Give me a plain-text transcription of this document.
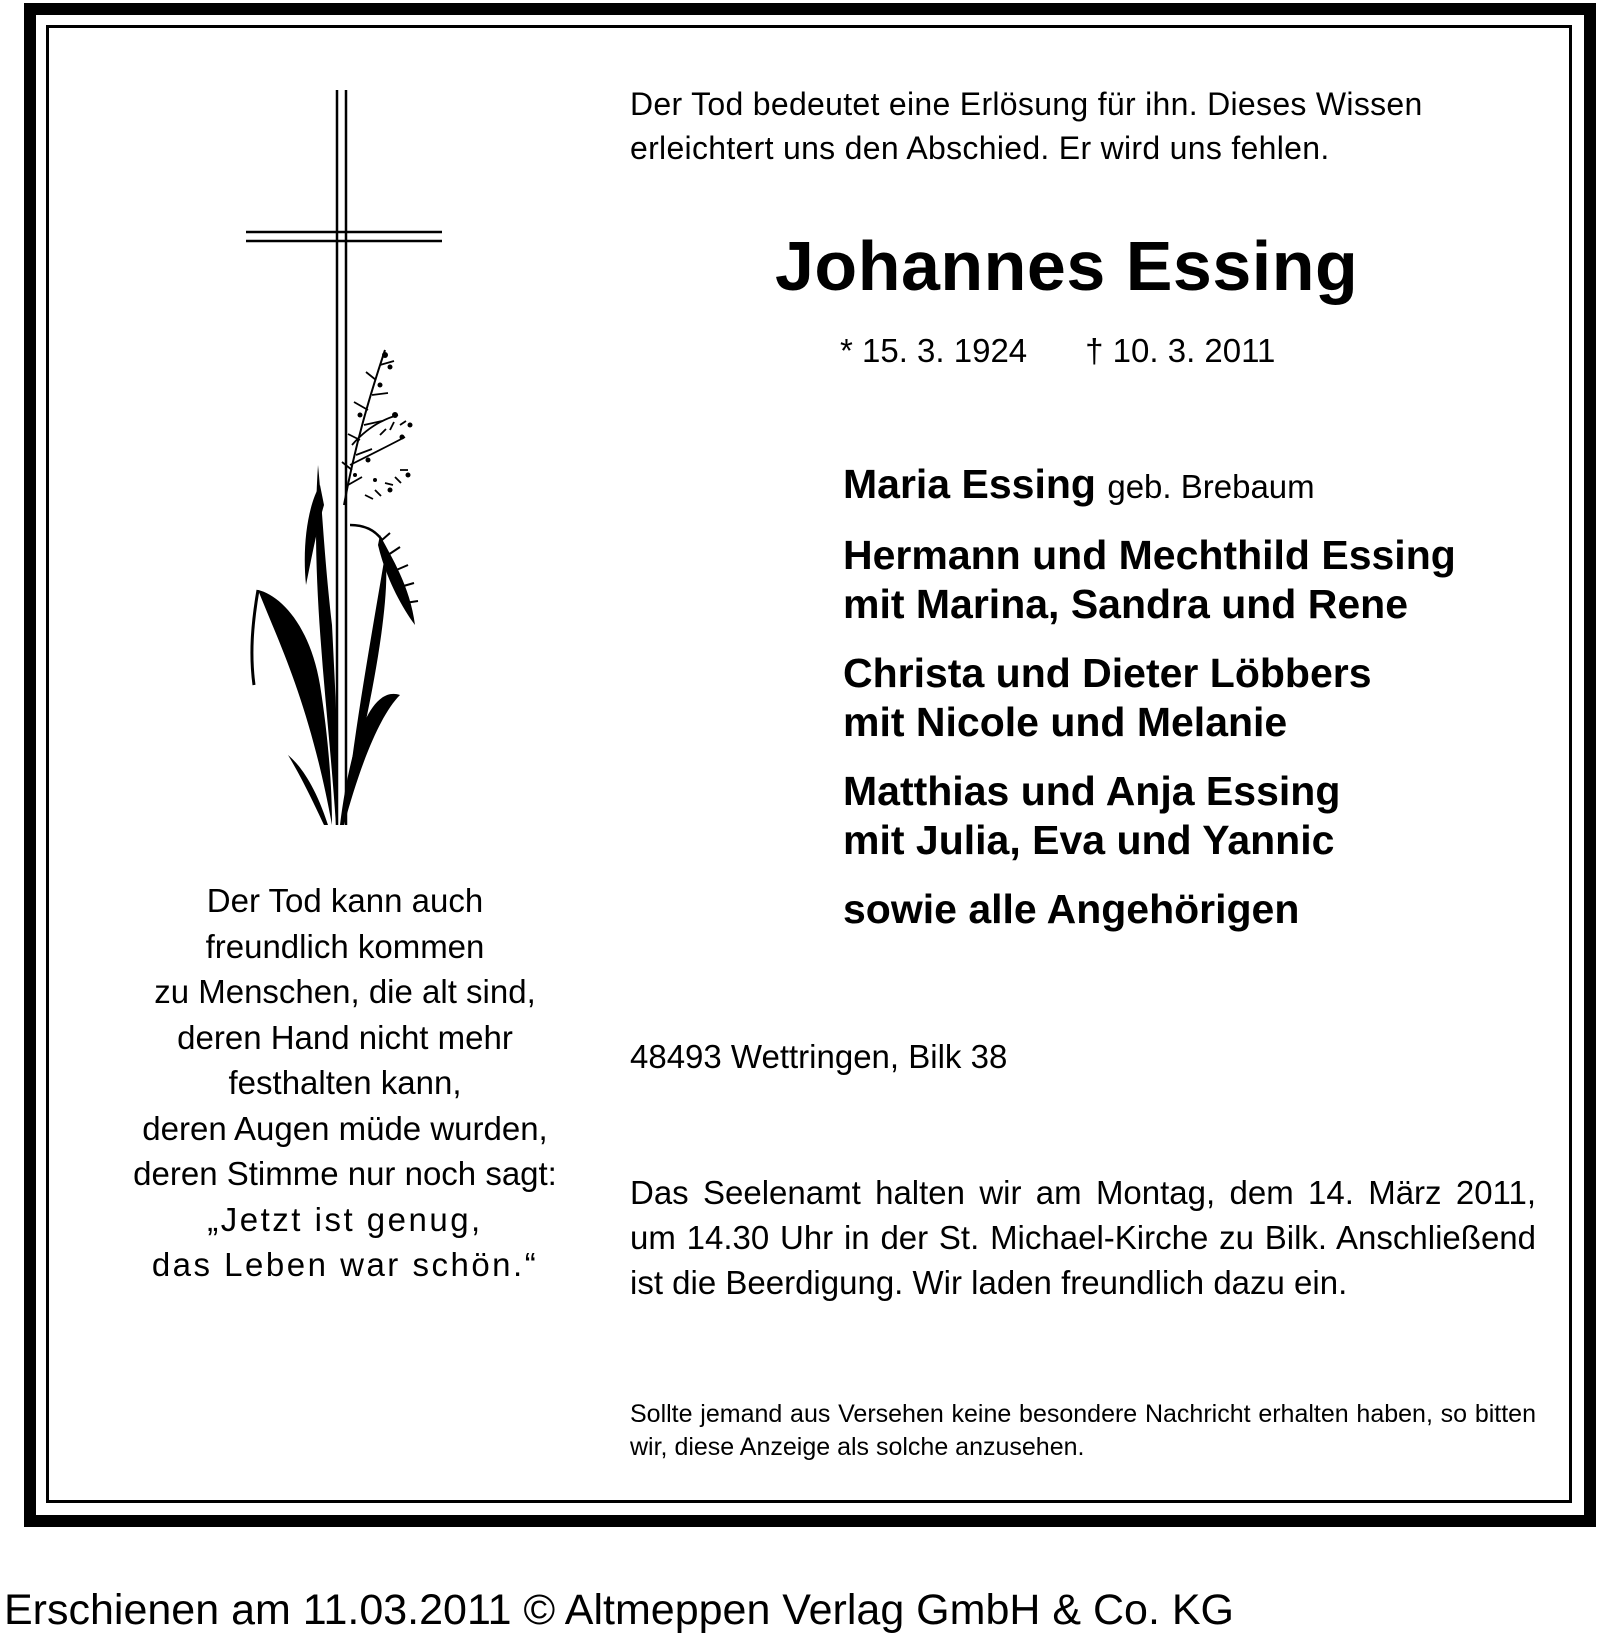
Der Tod bedeutet eine Erlösung für ihn. Dieses Wissen
erleichtert uns den Abschied. Er wird uns fehlen.
Johannes Essing
* 15. 3. 1924 † 10. 3. 2011
Maria Essing geb. Brebaum
Hermann und Mechthild Essing
mit Marina, Sandra und Rene
Christa und Dieter Löbbers
mit Nicole und Melanie
Matthias und Anja Essing
mit Julia, Eva und Yannic
sowie alle Angehörigen
Der Tod kann auch
freundlich kommen
zu Menschen, die alt sind,
deren Hand nicht mehr
festhalten kann,
deren Augen müde wurden,
deren Stimme nur noch sagt:
„Jetzt ist genug,
das Leben war schön.“
48493 Wettringen, Bilk 38
Das Seelenamt halten wir am Montag, dem 14. März 2011, um 14.30 Uhr in der St. Michael-Kirche zu Bilk. Anschließend ist die Beerdigung. Wir laden freundlich dazu ein.
Sollte jemand aus Versehen keine besondere Nachricht erhalten haben, so bitten wir, diese Anzeige als solche anzusehen.
Erschienen am 11.03.2011 © Altmeppen Verlag GmbH & Co. KG
